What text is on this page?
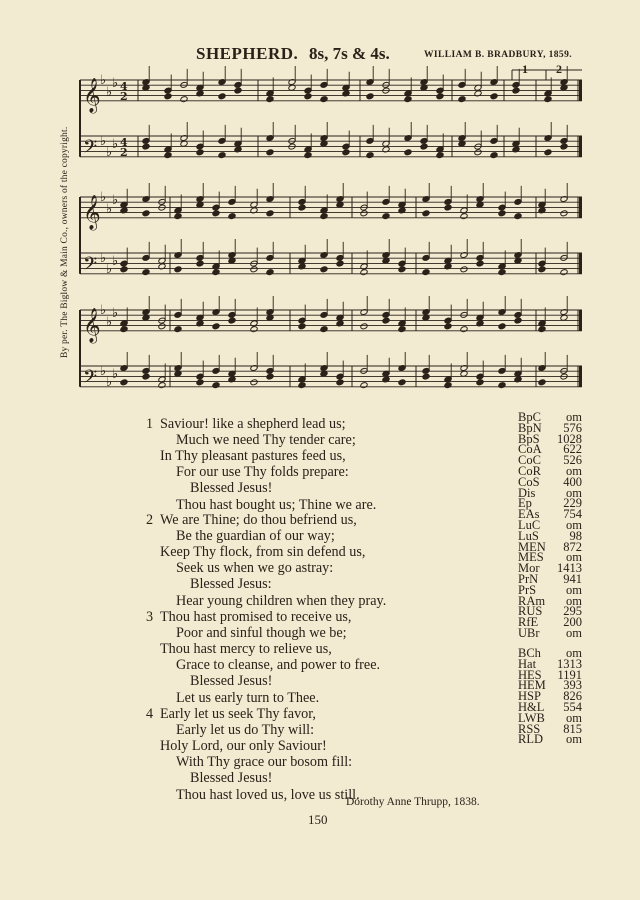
SHEPHERD. 8s, 7s & 4s.	WILLIAM B. BRADBURY, 1859.
1 2
By per. The Biglow & Main Co., owners of the copyright.
𝄞 ♭
♭
♭ 4
2
𝄢 ♭
♭
♭ 4
2
𝄞 ♭
♭
♭
𝄢 ♭
♭
♭
𝄞 ♭
♭
♭
𝄢 ♭
♭
♭
1 Saviour! like a shepherd lead us;
Much we need Thy tender care;
In Thy pleasant pastures feed us,
For our use Thy folds prepare:
Blessed Jesus!
Thou hast bought us; Thine we are.
2 We are Thine; do thou befriend us,
Be the guardian of our way;
Keep Thy flock, from sin defend us,
Seek us when we go astray:
Blessed Jesus:
Hear young children when they pray.
3 Thou hast promised to receive us,
Poor and sinful though we be;
Thou hast mercy to relieve us,
Grace to cleanse, and power to free.
Blessed Jesus!
Let us early turn to Thee.
4 Early let us seek Thy favor,
Early let us do Thy will:
Holy Lord, our only Saviour!
With Thy grace our bosom fill:
Blessed Jesus!
Thou hast loved us, love us still.
BpC om
BpN 576
BpS 1028
CoA 622
CoC 526
CoR om
CoS 400
Dis om
Ep	229
EAs 754
LuC om
LuS 98
MEN 872
MES om
Mor 1413
PrN 941
PrS om
RAm om
RUS 295
RfE 200
UBr om
BCh om
Hat 1313
HES 1191
HEM 393
HSP 826
H&L 554
LWB om
RSS 815
RLD om
Dorothy Anne Thrupp, 1838.
150
